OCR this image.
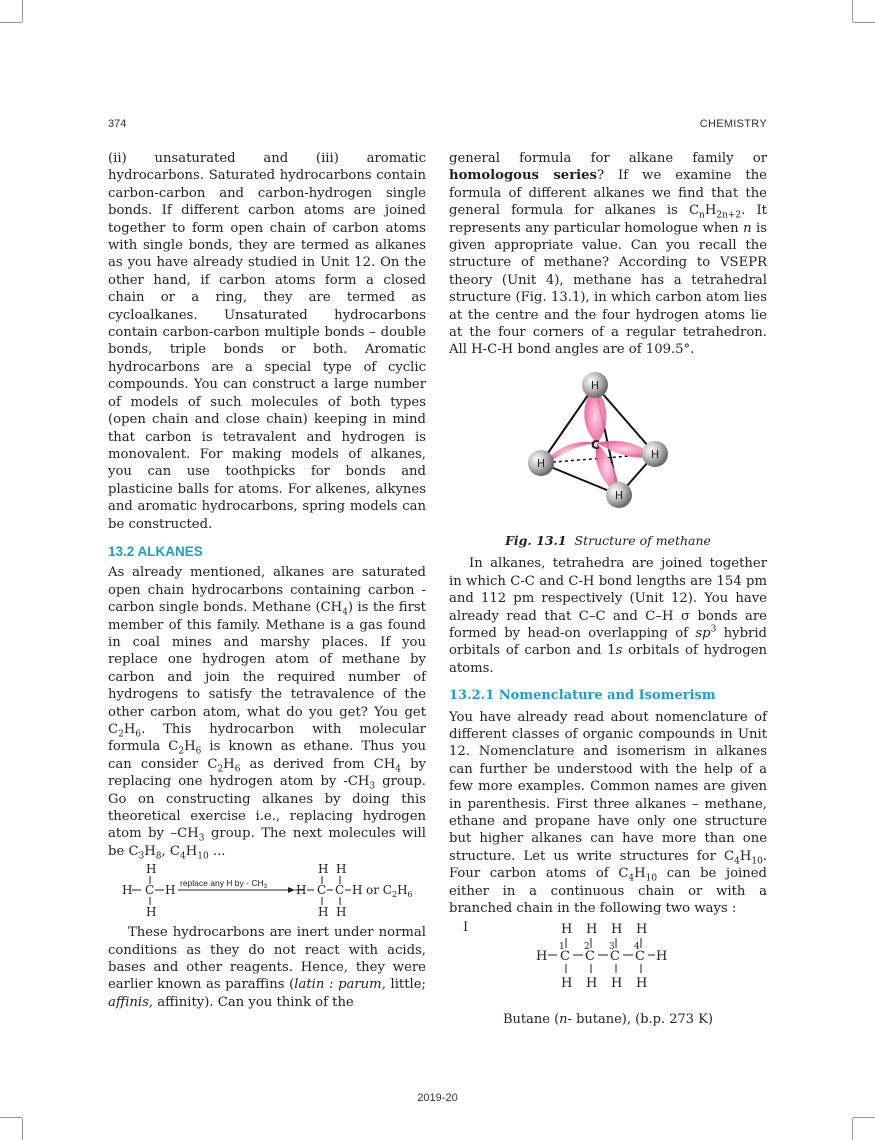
374	CHEMISTRY

(ii) unsaturated and (iii) aromatic hydrocarbons. Saturated hydrocarbons contain carbon-carbon and carbon-hydrogen single bonds. If different carbon atoms are joined together to form open chain of carbon atoms with single bonds, they are termed as alkanes as you have already studied in Unit 12. On the other hand, if carbon atoms form a closed chain or a ring, they are termed as cycloalkanes. Unsaturated hydrocarbons contain carbon-carbon multiple bonds – double bonds, triple bonds or both. Aromatic hydrocarbons are a special type of cyclic compounds. You can construct a large number of models of such molecules of both types (open chain and close chain) keeping in mind that carbon is tetravalent and hydrogen is monovalent. For making models of alkanes, you can use toothpicks for bonds and plasticine balls for atoms. For alkenes, alkynes and aromatic hydrocarbons, spring models can be constructed.

13.2 ALKANES

As already mentioned, alkanes are saturated open chain hydrocarbons containing carbon - carbon single bonds. Methane $(CH_4)$ is the first member of this family. Methane is a gas found in coal mines and marshy places. If you replace one hydrogen atom of methane by carbon and join the required number of hydrogens to satisfy the tetravalence of the other carbon atom, what do you get? You get $C_2H_6$. This hydrocarbon with molecular formula $C_2H_6$ is known as ethane. Thus you can consider $C_2H_6$ as derived from $CH_4$ by replacing one hydrogen atom by $-CH_3$ group. Go on constructing alkanes by doing this theoretical exercise i.e., replacing hydrogen atom by $-CH_3$ group. The next molecules will be $C_3H_8$, $C_4H_{10}$ ...

H
H C H
H
replace any H by - $CH_3$
H H
H C C H or $C_2H_6$
H H

These hydrocarbons are inert under normal conditions as they do not react with acids, bases and other reagents. Hence, they were earlier known as paraffins (latin : parum, little; affinis, affinity). Can you think of the

general formula for alkane family or homologous series? If we examine the formula of different alkanes we find that the general formula for alkanes is $C_nH_{2n+2}$. It represents any particular homologue when n is given appropriate value. Can you recall the structure of methane? According to VSEPR theory (Unit 4), methane has a tetrahedral structure (Fig. 13.1), in which carbon atom lies at the centre and the four hydrogen atoms lie at the four corners of a regular tetrahedron. All H-C-H bond angles are of 109.5°.

C
H
H
H
H
Fig. 13.1 Structure of methane

In alkanes, tetrahedra are joined together in which C-C and C-H bond lengths are 154 pm and 112 pm respectively (Unit 12). You have already read that C–C and C–H σ bonds are formed by head-on overlapping of $sp^3$ hybrid orbitals of carbon and 1s orbitals of hydrogen atoms.

13.2.1 Nomenclature and Isomerism

You have already read about nomenclature of different classes of organic compounds in Unit 12. Nomenclature and isomerism in alkanes can further be understood with the help of a few more examples. Common names are given in parenthesis. First three alkanes – methane, ethane and propane have only one structure but higher alkanes can have more than one structure. Let us write structures for $C_4H_{10}$. Four carbon atoms of $C_4H_{10}$ can be joined either in a continuous chain or with a branched chain in the following two ways :

I	H H H H
1 2 3 4
H C C C C H
H H H H
Butane (n- butane), (b.p. 273 K)
2019-20
